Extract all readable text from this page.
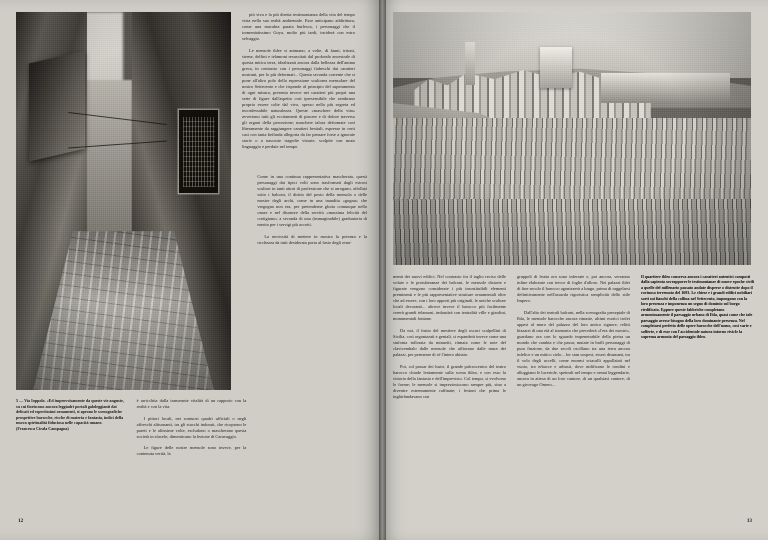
più viva e la più diretta testimonianza della vita del tempo vista nella sua realtà ambientale. Esse anticipano addirittura, come una macabra parata burlesca, i personaggi che il tormentatissimo Goya, molto più tardi, inciderà con estro selvaggio.

Le mensole iblee si animano, a volte, di fauni, tritoni, sirene, delfini e telamoni resuscitati dal profondo ancestrale di questa mitica terra, idealizzati ancora dalla bellezza dell'anima greca, in contrasto con i personaggi fiabeschi dai caratteri nostrani, per lo più deformati... Questa seconda corrente che si pone all'altro polo della espressione scultorea mensolare del nostro Settecento e che risponde al principio del superamento di ogni misura, presenta invece nei caratteri più propri una serie di figure dall'aspetto così ipersensibile che sembrano proprio essere colte dal vivo, spesso nella più segreta ed inconfessabile naturalezza. Queste «maschere della vita» avvertono tutti gli eccitamenti di piacere e di dolore traverso gli organi della percezione; maschere talora deformate così liberamente da raggiungere caratteri bestiali, espresse in certi casi con tanta beffarda allegoria da far pensare forse a ignorate storie o a nascoste tragedie vissute, scolpite con muto linguaggio e perdute nel tempo.

5 — Via Ioppolo. «Ed improvvisamente da queste vie anguste, su cui fioriscono ancora leggiadri portali galoleggianti dai delicati ed espertissimi ornamenti, si aprono le scenografiche prospettive barocche, ricche di materia e fantasia, indici della nuova spiritualità fiduciosa nelle capacità umane.

(Francesca Cirala Campagna)

è arricchita dalla transeunte vitalità di un rapporto con la realtà e con la vita.

I pittori locali, nei sontuosi quadri ufficiali o negli affreschi altisonanti, tra gli stucchi indorati, che ricoprono le pareti e le altissime volte, escludono o mascherano questa società in sfacelo; dimenticano la lezione di Caravaggio.

Le figure delle nostre mensole sono invece, per la contenuta verità, la

Come in una continua rappresentativa mascherata, questi personaggi dai tipici volti sono trasformati dagli estrosi scultori in tanti attori di professione che si arrogano, affollati sotto i balconi, il diritto del posto della mensola o delle mostre degli archi, come in una inaudita «gogna» che vergogna non era, per pretenderne gloria comunque nello onore e nel disonore della servitù «massima felicità del cortigiano» a seconda di una (immaginabile) graduatoria di merito per i servigi più accetti.

La necessità di mettere in mostra la potenza e la ricchezza da tutti desiderata porta al fasto degli orna-

12

menti dei nuovi edifici. Nel contrasto fra il taglio reciso delle volute e le protuberanze dei balconi, le mensole distorte e figurate vengono considerate i più insostituibili elementi preminenti e le più rappresentative strutture ornamentali oltre che ad essere, con i loro apporti più originali, le uniche sculture locali decoranti... altrove invece il barocco più facilmente creerà grandi telamoni, imbastirà con teatralità ville e giardini, monumentali fontane.

Da noi, il frutto del mestiere degli oscuri scalpellini di Sicilia, così organizzati e geniali, si espanderà invece come una sinfonia inflorata da minuetti, ritmata come le note del clavicembalo dalle mensole che affiorano dalle mura dei palazzi, per permeare di sé l'intero abitato.

Poi, col passar dei lustri, il grande palcoscenico del teatro barocco chiude lentamente sulla scena iblea, e con esso la vittoria della fantasia e dell'imprevisto. Col tempo, si evolvono le forme; le mensole si impreziosiscono sempre più, sino a divenire estremamente raffinate; i festoni che prima le inghirlandavano con

grappoli di frutta ora sono inferrate e, poi ancora, verranno infine elaborate con trecce di foglie d'alloro. Nei palazzi iblei di fine secolo il barocco agonizzerà a lungo, prima di raggelarsi definitivamente nell'assurda rigoristica semplicità dello stile Impero.

Dall'alto dei teatrali balconi, nella scenografia presepiale di Ibla, le mensole barocche ancora rimaste, ultimi esotici trofei appesi al muro del palazzo del loro antico signore, relitti bizzarri di una età al tramonto che precederà «l'era dei mostri», guardano ora con lo sguardo impenetrabile della pietra un mondo che cambia e che passa; mutate in buffi personaggi di pura finzione, da due secoli oscillano tra una terra ancora infelice e un mitico cielo... lor stan sospesi, esseri disumani, tra il volo degli uccelli, come enormi sciacalli appollaiati nel vuoto, tra erbacce e arbusti, dove nidificano le rondini e alloggiano le lucertole, spettrali nel tempo e ormai leggendarie, ancora in attesa di un loro cantore, di un qualsiasi cantore, di un girovago Omero...

Il quartiere ibleo conserva ancora i caratteri autentici composti dalla sapienta sovrapporre le testimonianze di nuove epoche civili a quelle del millenario passato andate disperse o distrutte dopo il rovinoso terremoto del 1693. Le chiese e i grandi edifici nobiliari sorti sui fianchi della collina nel Settecento, impongono con la loro presenza e imponenza un segno di dominio sul borgo riedificato. Eppure queste fabbriche completano armoniosamente il paesaggio urbano di Ibla, quasi come che tale paesaggio avesse bisogno della loro dominante presenza. Nel completarsi perfetto delle opere barocche dell'uomo, così varie e sofferte, e di esse con l'accidentale natura intorno rivicle la suprema armonia del paesaggio ibleo.

13
